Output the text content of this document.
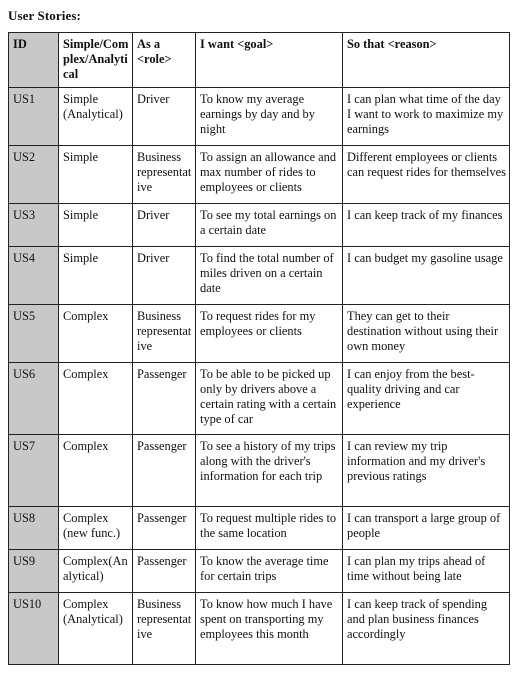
User Stories:
ID	Simple/Complex/Analytical	As a <role>	I want <goal>	So that <reason>
US1	Simple (Analytical)	Driver	To know my average earnings by day and by night	I can plan what time of the day I want to work to maximize my earnings
US2	Simple	Business representative	To assign an allowance and max number of rides to employees or clients	Different employees or clients can request rides for themselves
US3	Simple	Driver	To see my total earnings on a certain date	I can keep track of my finances
US4	Simple	Driver	To find the total number of miles driven on a certain date	I can budget my gasoline usage
US5	Complex	Business representative	To request rides for my employees or clients	They can get to their destination without using their own money
US6	Complex	Passenger	To be able to be picked up only by drivers above a certain rating with a certain type of car	I can enjoy from the best-quality driving and car experience
US7	Complex	Passenger	To see a history of my trips along with the driver's information for each trip	I can review my trip information and my driver's previous ratings
US8	Complex (new func.)	Passenger	To request multiple rides to the same location	I can transport a large group of people
US9	Complex(Analytical)	Passenger	To know the average time for certain trips	I can plan my trips ahead of time without being late
US10	Complex (Analytical)	Business representative	To know how much I have spent on transporting my employees this month	I can keep track of spending and plan business finances accordingly
